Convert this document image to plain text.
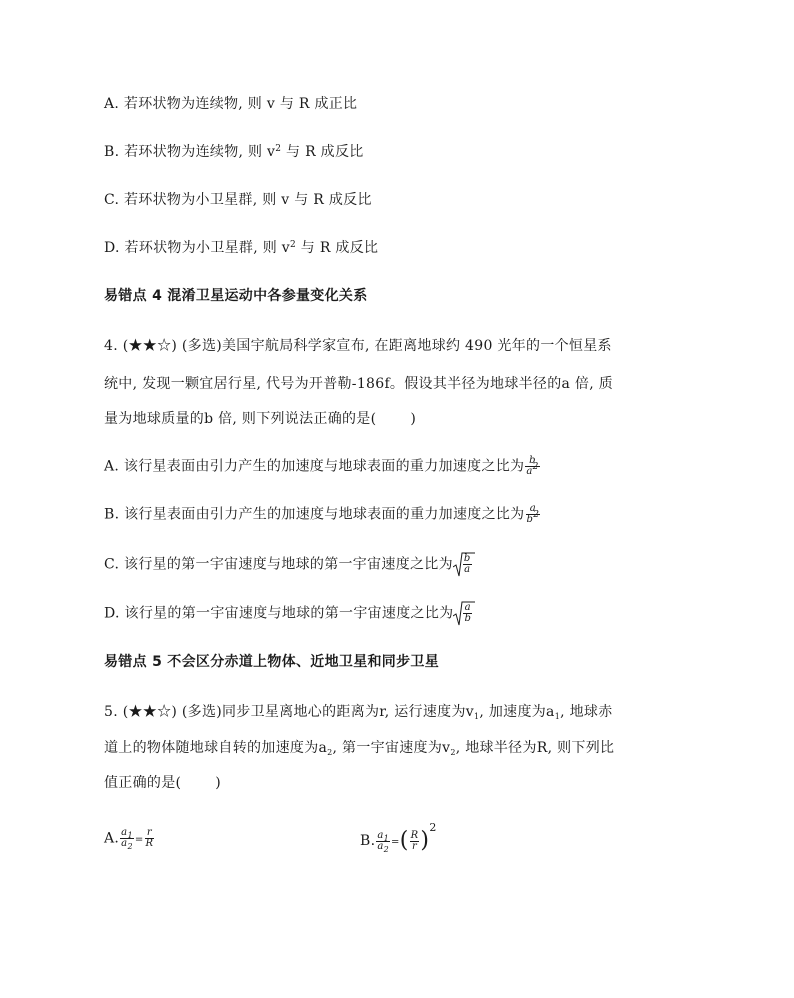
A. 若环状物为连续物, 则 v 与 R 成正比
B. 若环状物为连续物, 则 $v^2$ 与 R 成反比
C. 若环状物为小卫星群, 则 v 与 R 成反比
D. 若环状物为小卫星群, 则 $v^2$ 与 R 成反比
易错点 4 混淆卫星运动中各参量变化关系
4. (★★☆) (多选)美国宇航局科学家宣布, 在距离地球约 490 光年的一个恒星系
统中, 发现一颗宜居行星, 代号为开普勒-186f。假设其半径为地球半径的a 倍, 质
量为地球质量的b 倍, 则下列说法正确的是( )
A. 该行星表面由引力产生的加速度与地球表面的重力加速度之比为 $\frac{b}{a^2}$
B. 该行星表面由引力产生的加速度与地球表面的重力加速度之比为 $\frac{a}{b^2}$
C. 该行星的第一宇宙速度与地球的第一宇宙速度之比为 $\frac{b}{a}$
D. 该行星的第一宇宙速度与地球的第一宇宙速度之比为 $\frac{a}{b}$
易错点 5 不会区分赤道上物体、近地卫星和同步卫星
5. (★★☆) (多选)同步卫星离地心的距离为r, 运行速度为$v_1$, 加速度为$a_1$, 地球赤
道上的物体随地球自转的加速度为$a_2$, 第一宇宙速度为$v_2$, 地球半径为R, 则下列比
值正确的是( )
A. $\frac{a_1}{a_2} = \frac{r}{R}$	B. $\frac{a_1}{a_2}$ =( $\frac{R}{r} )^2$
